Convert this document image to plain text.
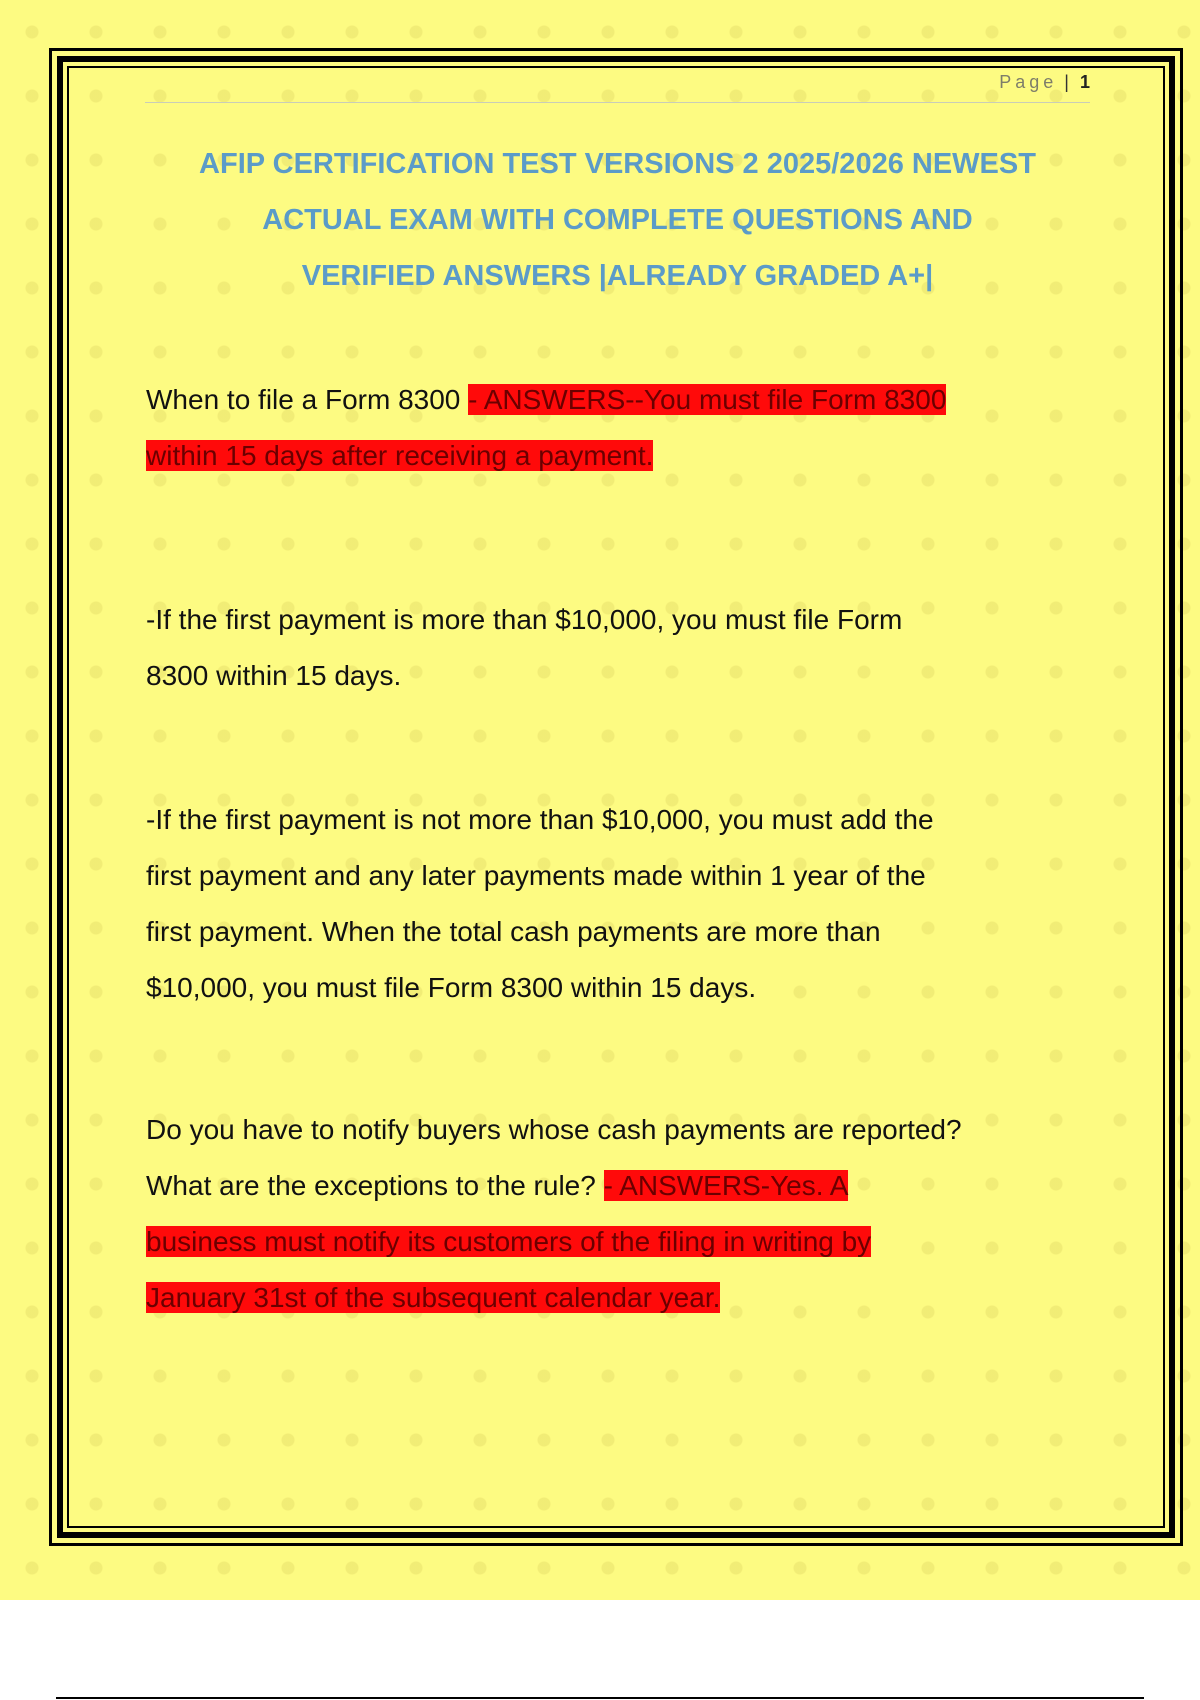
Page | 1
AFIP CERTIFICATION TEST VERSIONS 2 2025/2026 NEWEST
ACTUAL EXAM WITH COMPLETE QUESTIONS AND
VERIFIED ANSWERS |ALREADY GRADED A+|
When to file a Form 8300 - ANSWERS--You must file Form 8300
within 15 days after receiving a payment.
-If the first payment is more than $10,000, you must file Form
8300 within 15 days.
-If the first payment is not more than $10,000, you must add the
first payment and any later payments made within 1 year of the
first payment. When the total cash payments are more than
$10,000, you must file Form 8300 within 15 days.
Do you have to notify buyers whose cash payments are reported?
What are the exceptions to the rule? - ANSWERS-Yes. A
business must notify its customers of the filing in writing by
January 31st of the subsequent calendar year.
